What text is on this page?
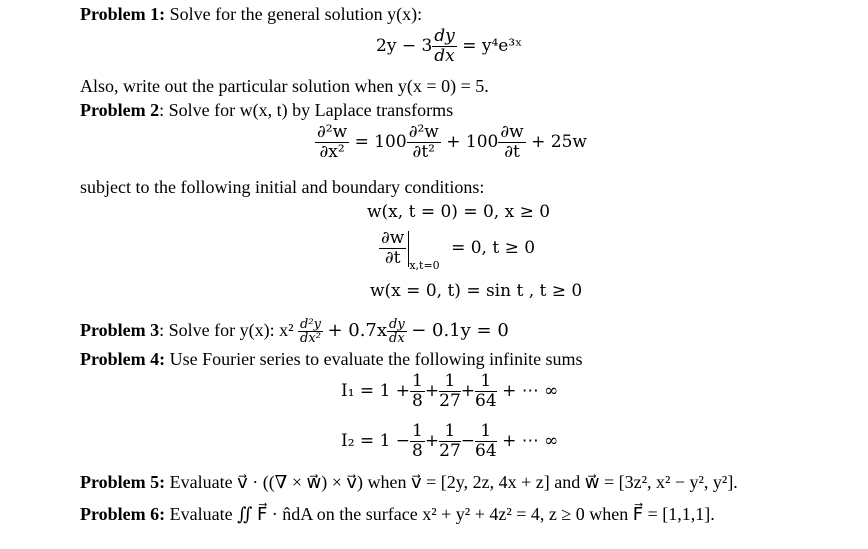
Problem 1: Solve for the general solution y(x):
$2y - 3 \frac{dy}{dx}$ = y⁴e³ˣ
Also, write out the particular solution when y(x = 0) = 5.
Problem 2: Solve for w(x, t) by Laplace transforms
$\frac{\text{∂²w}}{\text{∂x²}} = 100 \frac{\text{∂²w}}{\text{∂t²}} + 100 \frac{\partial w}{\partial t} + 25w$
subject to the following initial and boundary conditions:
w(x, t = 0) = 0, x ≥ 0
$\frac{\partial w}{\partial t} _{x,t=0} = 0$, t ≥ 0
w(x = 0, t) = sin t , t ≥ 0
Problem 3: Solve for y(x): $x^2 \frac{\text{d²y}}{\text{dx²}} + 0.7x \frac{dy}{dx} - 0.1y = 0$
Problem 4: Use Fourier series to evaluate the following infinite sums
$I_1 = 1 + \frac{1}{8} + \frac{1}{27} + \frac{1}{64}$ + ⋯ ∞
$I_2 = 1 - \frac{1}{8} + \frac{1}{27} - \frac{1}{64}$ + ⋯ ∞
Problem 5: Evaluate v⃗ · ((∇ × w⃗) × v⃗) when v⃗ = [2y, 2z, 4x + z] and w⃗ = [3z², x² − y², y²].
Problem 6: Evaluate ∬ F⃗ · n̂dA on the surface x² + y² + 4z² = 4, z ≥ 0 when F⃗ = [1,1,1].
